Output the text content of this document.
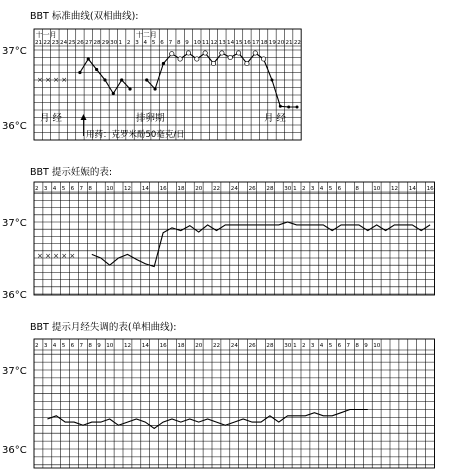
BBT 标准曲线(双相曲线):
37°C
36°C
21 22 23 24 25 26 27 28 29 30 1 2 3 4 5 6 7 8 9 10 11 12 13 14 15 16 17 18 19 20 21 22
十一月	十二月
× × × ×
月 经	排卵期	月 经
用药：克罗米酚50毫克/日
BBT 提示妊娠的表:
37°C
36°C
2 3 4 5 6 7 8	10 12 14 16 18 20 22 24 26 28 30 1 2 3 4 5 6	8	10 12 14 16
× × × × ×
BBT 提示月经失调的表(单相曲线):
37°C
36°C
2 3 4 5 6 7 8 9 10 12 14 16 18 20 22 24 26 28 30 1 2 3 4 5 6 7 8 9 10
